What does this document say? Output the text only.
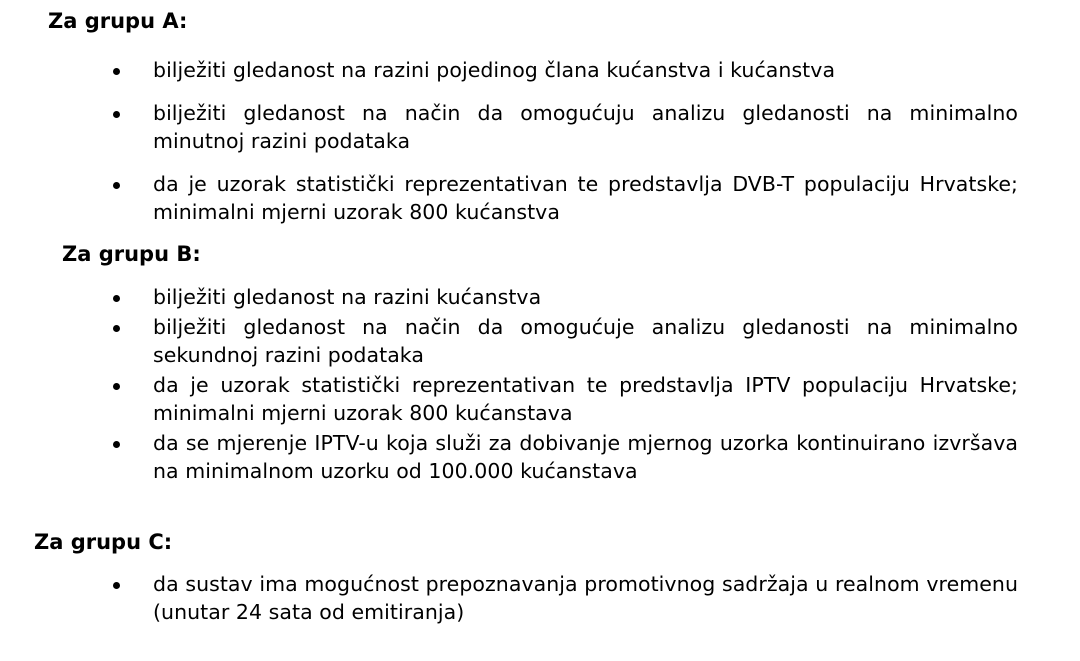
Za grupu A:
bilježiti gledanost na razini pojedinog člana kućanstva i kućanstva
bilježiti gledanost na način da omogućuju analizu gledanosti na minimalno minutnoj razini podataka
da je uzorak statistički reprezentativan te predstavlja DVB-T populaciju Hrvatske; minimalni mjerni uzorak 800 kućanstva
Za grupu B:
bilježiti gledanost na razini kućanstva
bilježiti gledanost na način da omogućuje analizu gledanosti na minimalno sekundnoj razini podataka
da je uzorak statistički reprezentativan te predstavlja IPTV populaciju Hrvatske; minimalni mjerni uzorak 800 kućanstava
da se mjerenje IPTV-u koja služi za dobivanje mjernog uzorka kontinuirano izvršava na minimalnom uzorku od 100.000 kućanstava
Za grupu C:
da sustav ima mogućnost prepoznavanja promotivnog sadržaja u realnom vremenu (unutar 24 sata od emitiranja)
